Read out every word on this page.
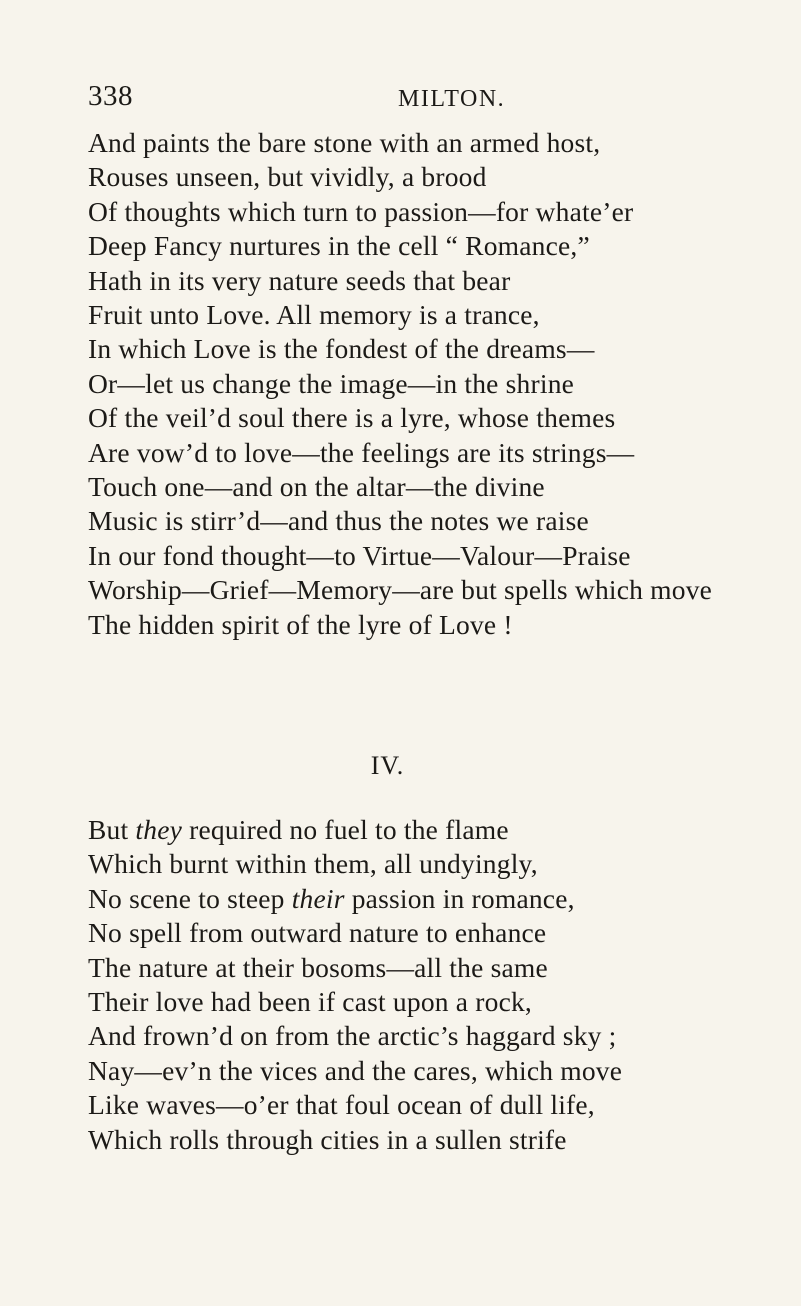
338	MILTON.
And paints the bare stone with an armed host,
Rouses unseen, but vividly, a brood
Of thoughts which turn to passion—for whate’er
Deep Fancy nurtures in the cell “ Romance,”
Hath in its very nature seeds that bear
Fruit unto Love. All memory is a trance,
In which Love is the fondest of the dreams—
Or—let us change the image—in the shrine
Of the veil’d soul there is a lyre, whose themes
Are vow’d to love—the feelings are its strings—
Touch one—and on the altar—the divine
Music is stirr’d—and thus the notes we raise
In our fond thought—to Virtue—Valour—Praise
Worship—Grief—Memory—are but spells which move
The hidden spirit of the lyre of Love !
IV.
But they required no fuel to the flame
Which burnt within them, all undyingly,
No scene to steep their passion in romance,
No spell from outward nature to enhance
The nature at their bosoms—all the same
Their love had been if cast upon a rock,
And frown’d on from the arctic’s haggard sky ;
Nay—ev’n the vices and the cares, which move
Like waves—o’er that foul ocean of dull life,
Which rolls through cities in a sullen strife
